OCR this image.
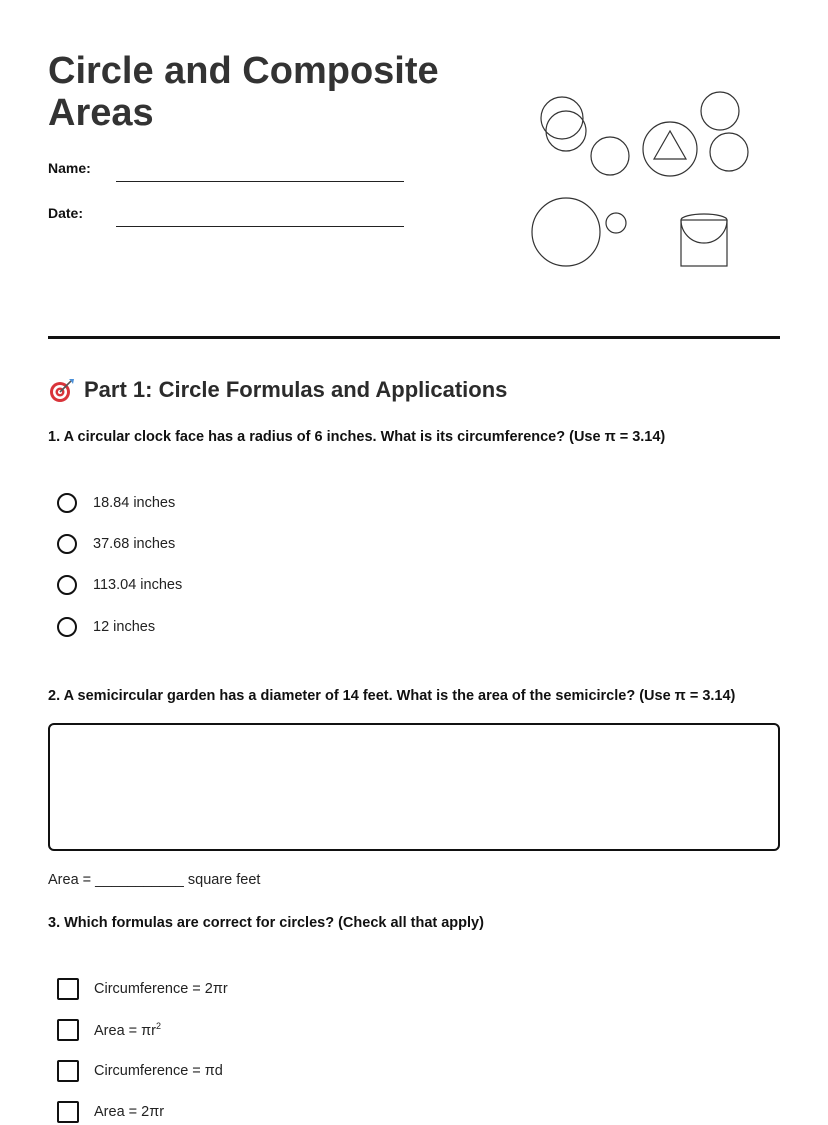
Circle and Composite Areas
Name:
Date:
Part 1: Circle Formulas and Applications

1. A circular clock face has a radius of 6 inches. What is its circumference? (Use π = 3.14)

18.84 inches
37.68 inches
113.04 inches
12 inches

2. A semicircular garden has a diameter of 14 feet. What is the area of the semicircle? (Use π = 3.14)

Area = ___________ square feet

3. Which formulas are correct for circles? (Check all that apply)

Circumference = 2πr
Area = $\pi r^2$
Circumference = πd
Area = 2πr
